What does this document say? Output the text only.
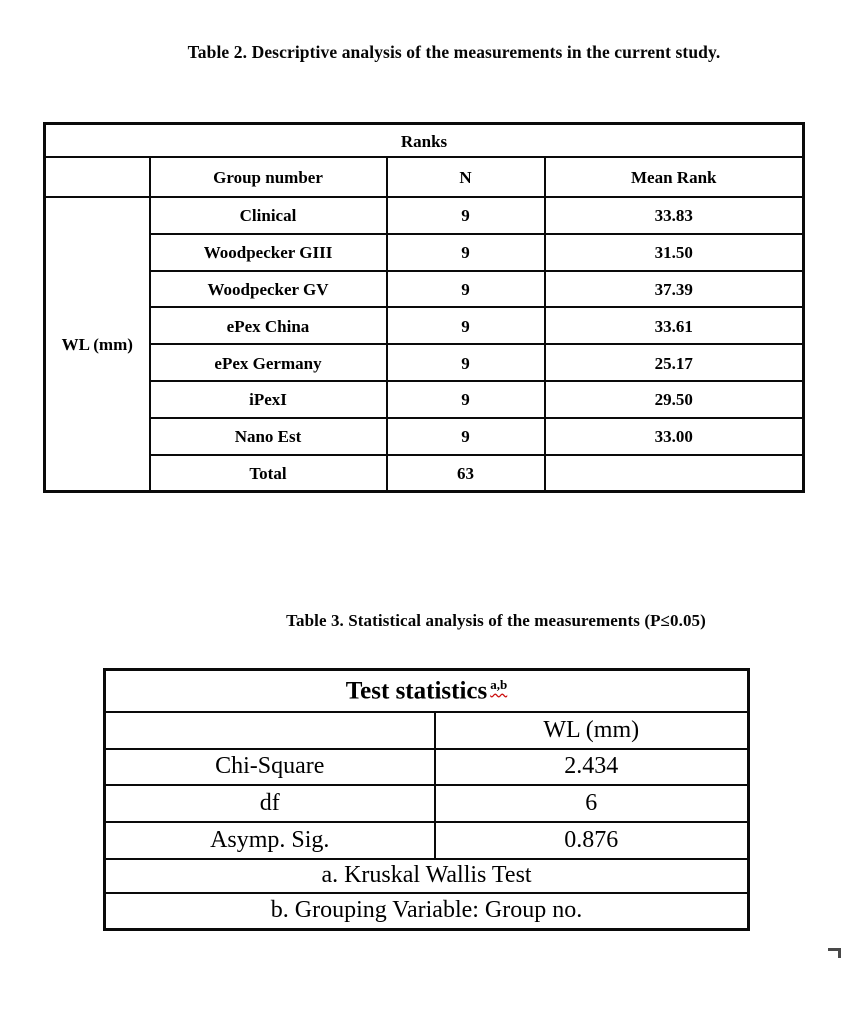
Table 2. Descriptive analysis of the measurements in the current study.
Ranks			
	Group number	N	Mean Rank
WL (mm)	Clinical	9	33.83
	Woodpecker GIII	9	31.50
	Woodpecker GV	9	37.39
	ePex China	9	33.61
	ePex Germany	9	25.17
	iPexI	9	29.50
	Nano Est	9	33.00
	Total	63	
Table 3. Statistical analysis of the measurements (P≤0.05)
Test statistics $^{a,b}$
	WL (mm)
Chi-Square	2.434
df	6
Asymp. Sig.	0.876
a. Kruskal Wallis Test	
b. Grouping Variable: Group no.	
